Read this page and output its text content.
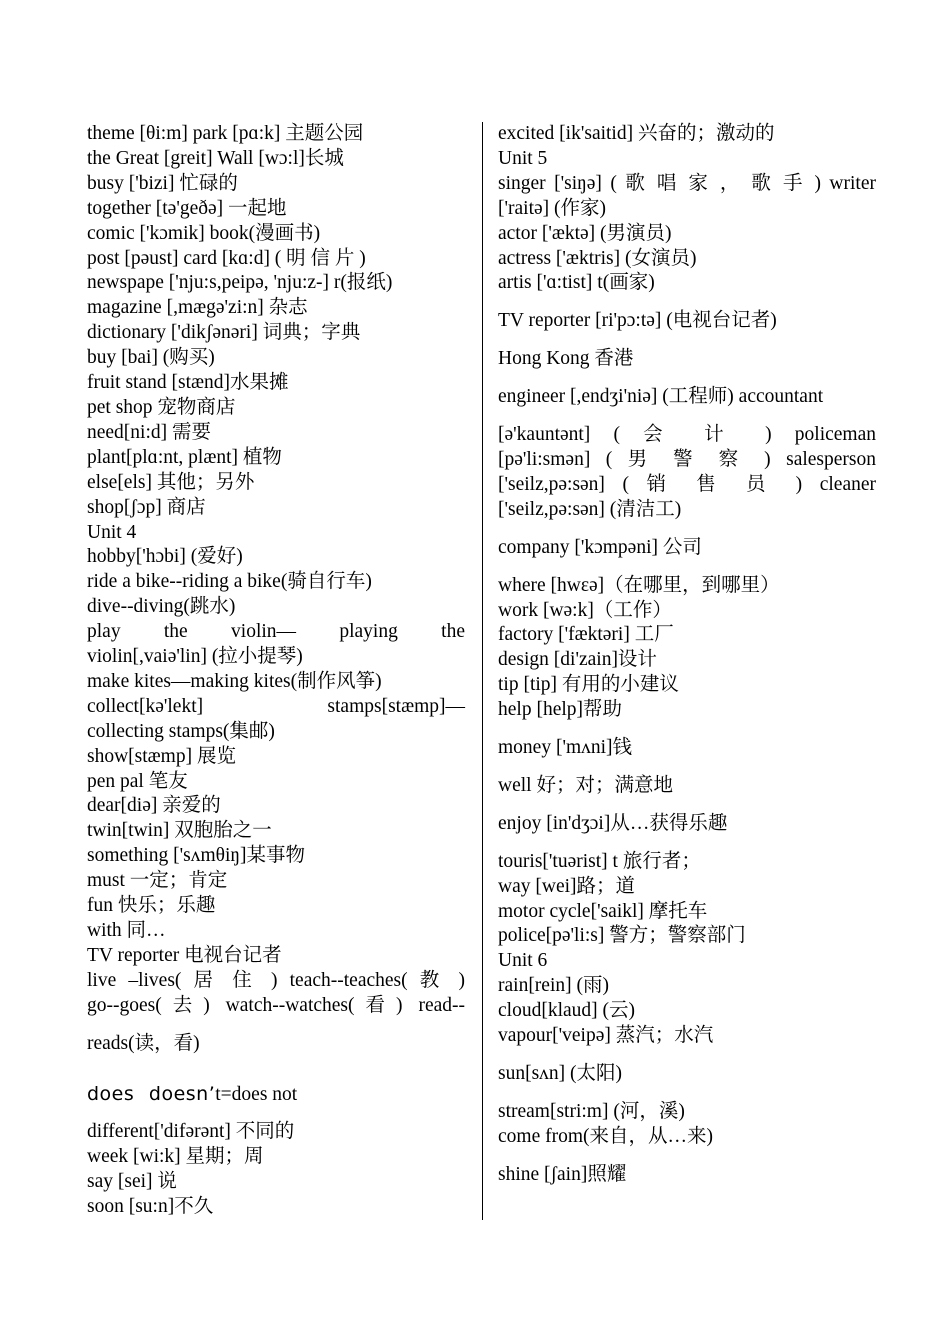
theme [θi:m] park [pɑ:k] 主题公园
the Great [greit] Wall [wɔ:l]长城
busy ['bizi] 忙碌的
together [tə'geðə] 一起地
comic ['kɔmik] book(漫画书)
post [pəust] card [kɑ:d] ( 明 信 片 )
newspape ['nju:s,peipə, 'nju:z-] r(报纸)
magazine [,mægə'zi:n] 杂志
dictionary ['dikʃənəri] 词典；字典
buy [bai] (购买)
fruit stand [stænd]水果摊
pet shop 宠物商店
need[ni:d] 需要
plant[plɑ:nt, plænt] 植物
else[els] 其他；另外
shop[ʃɔp] 商店
Unit 4
hobby['hɔbi] (爱好)
ride a bike--riding a bike(骑自行车)
dive--diving(跳水)
play the violin— playing the
violin[,vaiə'lin] (拉小提琴)
make kites—making kites(制作风筝)
collect[kə'lekt] stamps[stæmp]—
collecting stamps(集邮)
show[stæmp] 展览
pen pal 笔友
dear[diə] 亲爱的
twin[twin] 双胞胎之一
something ['sʌmθiŋ]某事物
must 一定；肯定
fun 快乐；乐趣
with 同…
TV reporter 电视台记者
live –lives( 居 住 ) teach--teaches( 教 )
go--goes(去) watch--watches(看) read--
reads(读，看)
does doesn’t=does not
different['difərənt] 不同的
week [wi:k] 星期；周
say [sei] 说
soon [su:n]不久
excited [ik'saitid] 兴奋的；激动的
Unit 5
singer ['siŋə] ( 歌 唱 家 ， 歌 手 ) writer
['raitə] (作家)
actor ['æktə] (男演员)
actress ['æktris] (女演员)
artis ['ɑ:tist] t(画家)
TV reporter [ri'pɔ:tə] (电视台记者)
Hong Kong 香港
engineer [,endʒi'niə] (工程师) accountant
[ə'kauntənt] ( 会 计 ) policeman
[pə'li:smən] ( 男 警 察 ) salesperson
['seilz,pə:sən] ( 销 售 员 ) cleaner
['seilz,pə:sən] (清洁工)
company ['kɔmpəni] 公司
where [hwɛə]（在哪里，到哪里）
work [wə:k]（工作）
factory ['fæktəri] 工厂
design [di'zain]设计
tip [tip] 有用的小建议
help [help]帮助
money ['mʌni]钱
well 好；对；满意地
enjoy [in'dʒɔi]从…获得乐趣
touris['tuərist] t 旅行者；
way [wei]路；道
motor cycle['saikl] 摩托车
police[pə'li:s] 警方；警察部门
Unit 6
rain[rein] (雨)
cloud[klaud] (云)
vapour['veipə] 蒸汽；水汽
sun[sʌn] (太阳)
stream[stri:m] (河，溪)
come from(来自，从…来)
shine [ʃain]照耀
